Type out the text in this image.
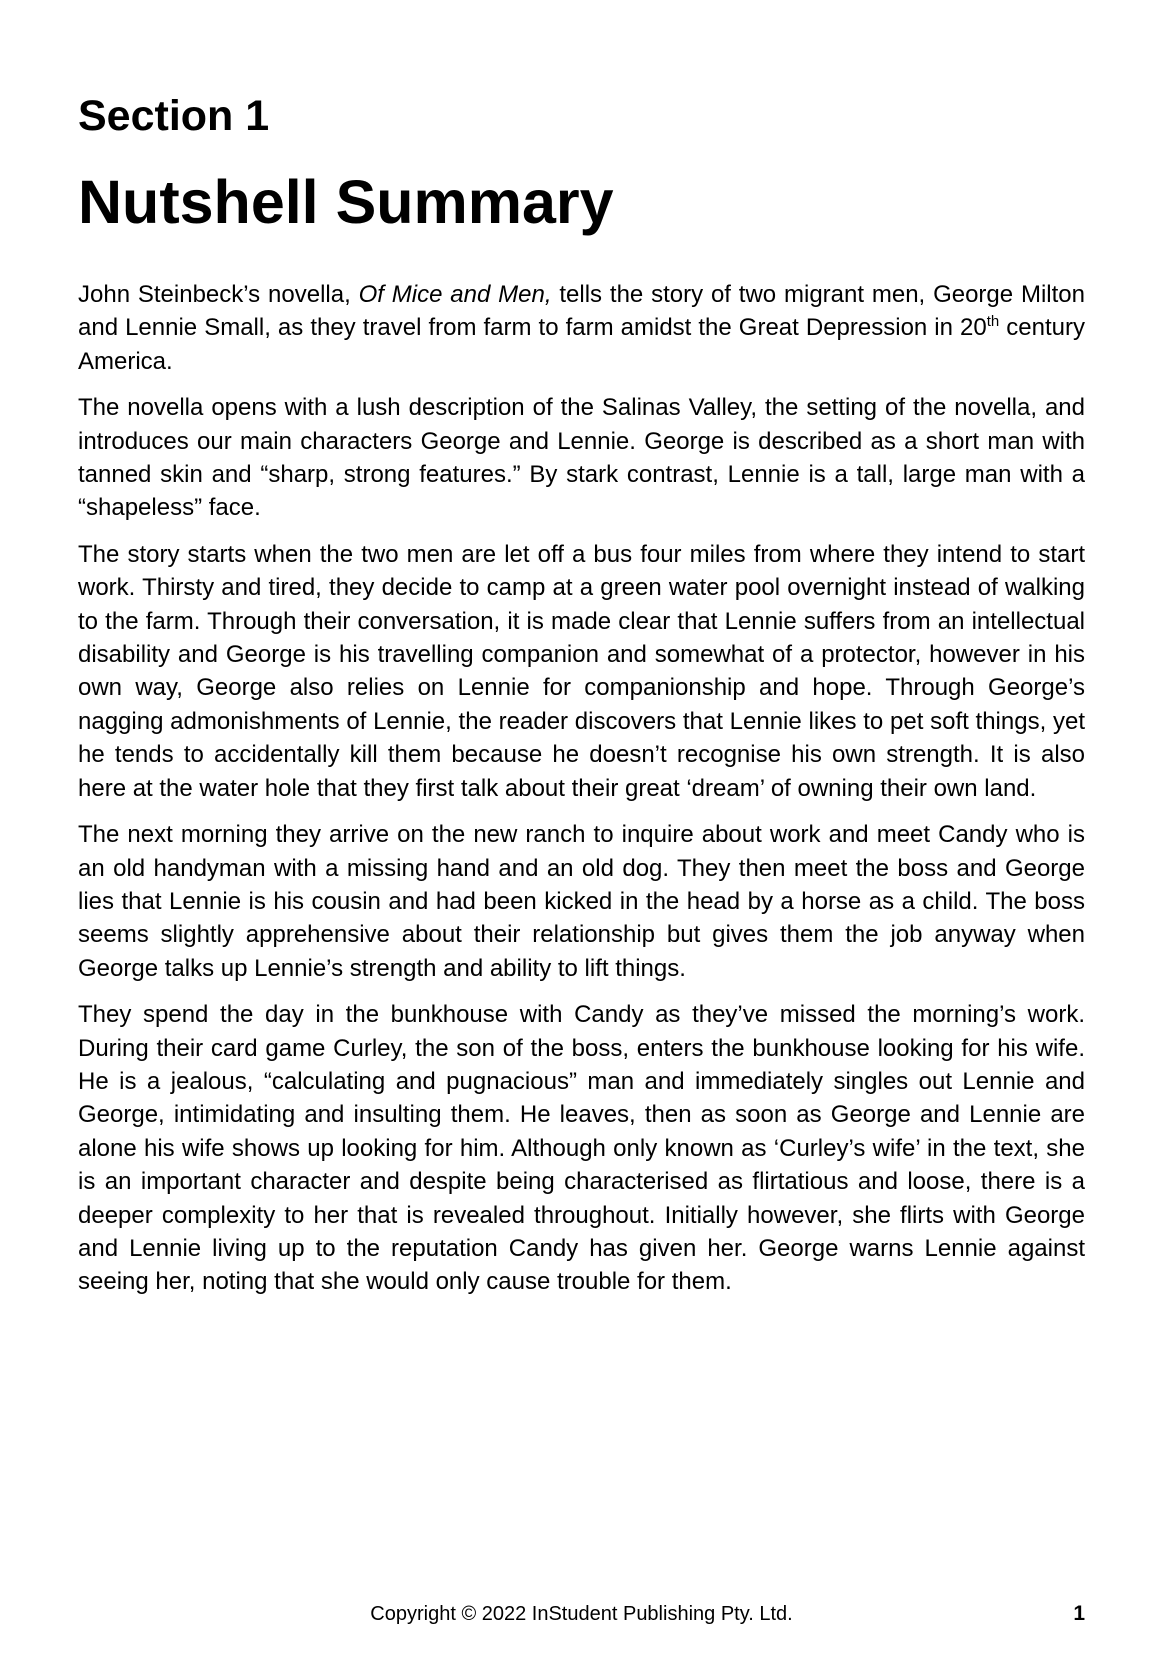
Section 1
Nutshell Summary

John Steinbeck’s novella, Of Mice and Men, tells the story of two migrant men, George Milton and Lennie Small, as they travel from farm to farm amidst the Great Depression in 20th century America.

The novella opens with a lush description of the Salinas Valley, the setting of the novella, and introduces our main characters George and Lennie. George is described as a short man with tanned skin and “sharp, strong features.” By stark contrast, Lennie is a tall, large man with a “shapeless” face.

The story starts when the two men are let off a bus four miles from where they intend to start work. Thirsty and tired, they decide to camp at a green water pool overnight instead of walking to the farm. Through their conversation, it is made clear that Lennie suffers from an intellectual disability and George is his travelling companion and somewhat of a protector, however in his own way, George also relies on Lennie for companionship and hope. Through George’s nagging admonishments of Lennie, the reader discovers that Lennie likes to pet soft things, yet he tends to accidentally kill them because he doesn’t recognise his own strength. It is also here at the water hole that they first talk about their great ‘dream’ of owning their own land.

The next morning they arrive on the new ranch to inquire about work and meet Candy who is an old handyman with a missing hand and an old dog. They then meet the boss and George lies that Lennie is his cousin and had been kicked in the head by a horse as a child. The boss seems slightly apprehensive about their relationship but gives them the job anyway when George talks up Lennie’s strength and ability to lift things.

They spend the day in the bunkhouse with Candy as they’ve missed the morning’s work. During their card game Curley, the son of the boss, enters the bunkhouse looking for his wife. He is a jealous, “calculating and pugnacious” man and immediately singles out Lennie and George, intimidating and insulting them. He leaves, then as soon as George and Lennie are alone his wife shows up looking for him. Although only known as ‘Curley’s wife’ in the text, she is an important character and despite being characterised as flirtatious and loose, there is a deeper complexity to her that is revealed throughout. Initially however, she flirts with George and Lennie living up to the reputation Candy has given her. George warns Lennie against seeing her, noting that she would only cause trouble for them.

Copyright © 2022 InStudent Publishing Pty. Ltd.	1
